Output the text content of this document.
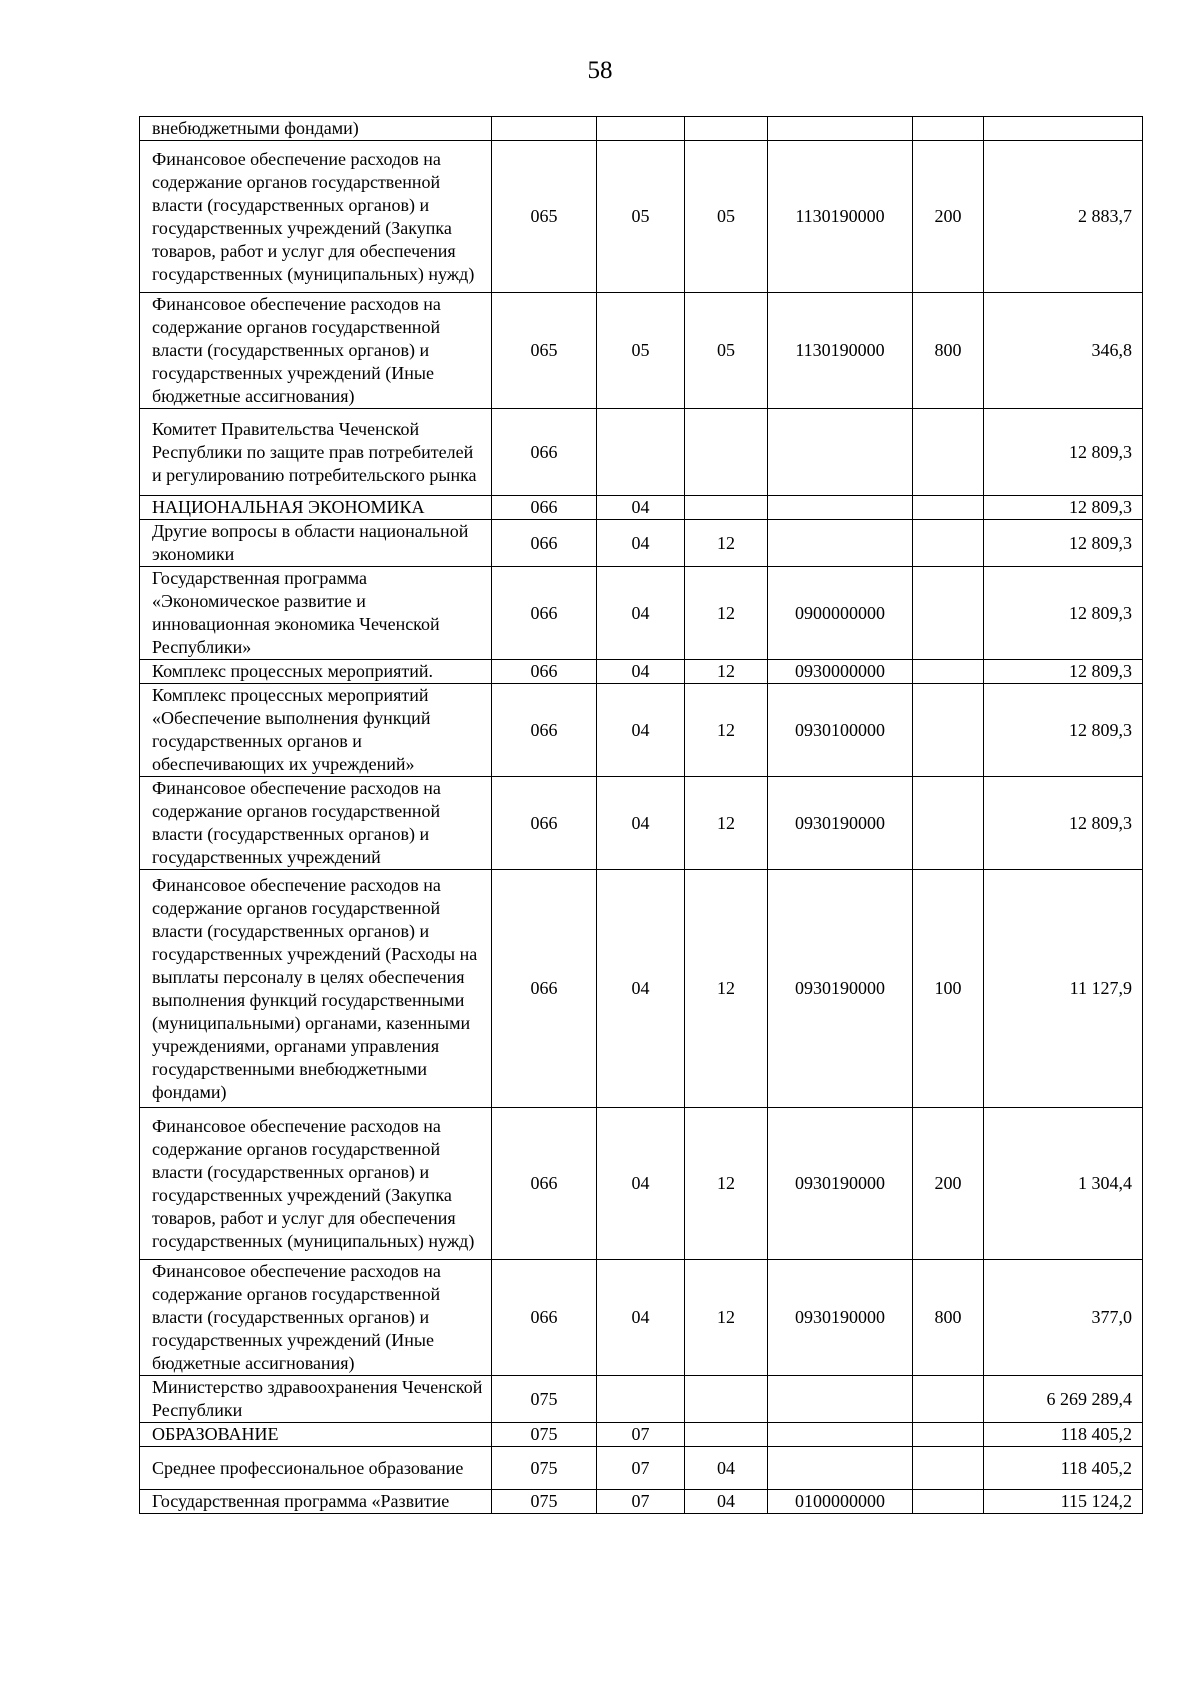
58
внебюджетными фондами)						
Финансовое обеспечение расходов на содержание органов государственной власти (государственных органов) и государственных учреждений (Закупка товаров, работ и услуг для обеспечения государственных (муниципальных) нужд)	065	05	05	1130190000	200	2 883,7
Финансовое обеспечение расходов на содержание органов государственной власти (государственных органов) и государственных учреждений (Иные бюджетные ассигнования)	065	05	05	1130190000	800	346,8
Комитет Правительства Чеченской Республики по защите прав потребителей и регулированию потребительского рынка	066					12 809,3
НАЦИОНАЛЬНАЯ ЭКОНОМИКА	066	04				12 809,3
Другие вопросы в области национальной экономики	066	04	12			12 809,3
Государственная программа «Экономическое развитие и инновационная экономика Чеченской Республики»	066	04	12	0900000000		12 809,3
Комплекс процессных мероприятий.	066	04	12	0930000000		12 809,3
Комплекс процессных мероприятий «Обеспечение выполнения функций государственных органов и обеспечивающих их учреждений»	066	04	12	0930100000		12 809,3
Финансовое обеспечение расходов на содержание органов государственной власти (государственных органов) и государственных учреждений	066	04	12	0930190000		12 809,3
Финансовое обеспечение расходов на содержание органов государственной власти (государственных органов) и государственных учреждений (Расходы на выплаты персоналу в целях обеспечения выполнения функций государственными (муниципальными) органами, казенными учреждениями, органами управления государственными внебюджетными фондами)	066	04	12	0930190000	100	11 127,9
Финансовое обеспечение расходов на содержание органов государственной власти (государственных органов) и государственных учреждений (Закупка товаров, работ и услуг для обеспечения государственных (муниципальных) нужд)	066	04	12	0930190000	200	1 304,4
Финансовое обеспечение расходов на содержание органов государственной власти (государственных органов) и государственных учреждений (Иные бюджетные ассигнования)	066	04	12	0930190000	800	377,0
Министерство здравоохранения Чеченской Республики	075					6 269 289,4
ОБРАЗОВАНИЕ	075	07				118 405,2
Среднее профессиональное образование	075	07	04			118 405,2
Государственная программа «Развитие	075	07	04	0100000000		115 124,2
